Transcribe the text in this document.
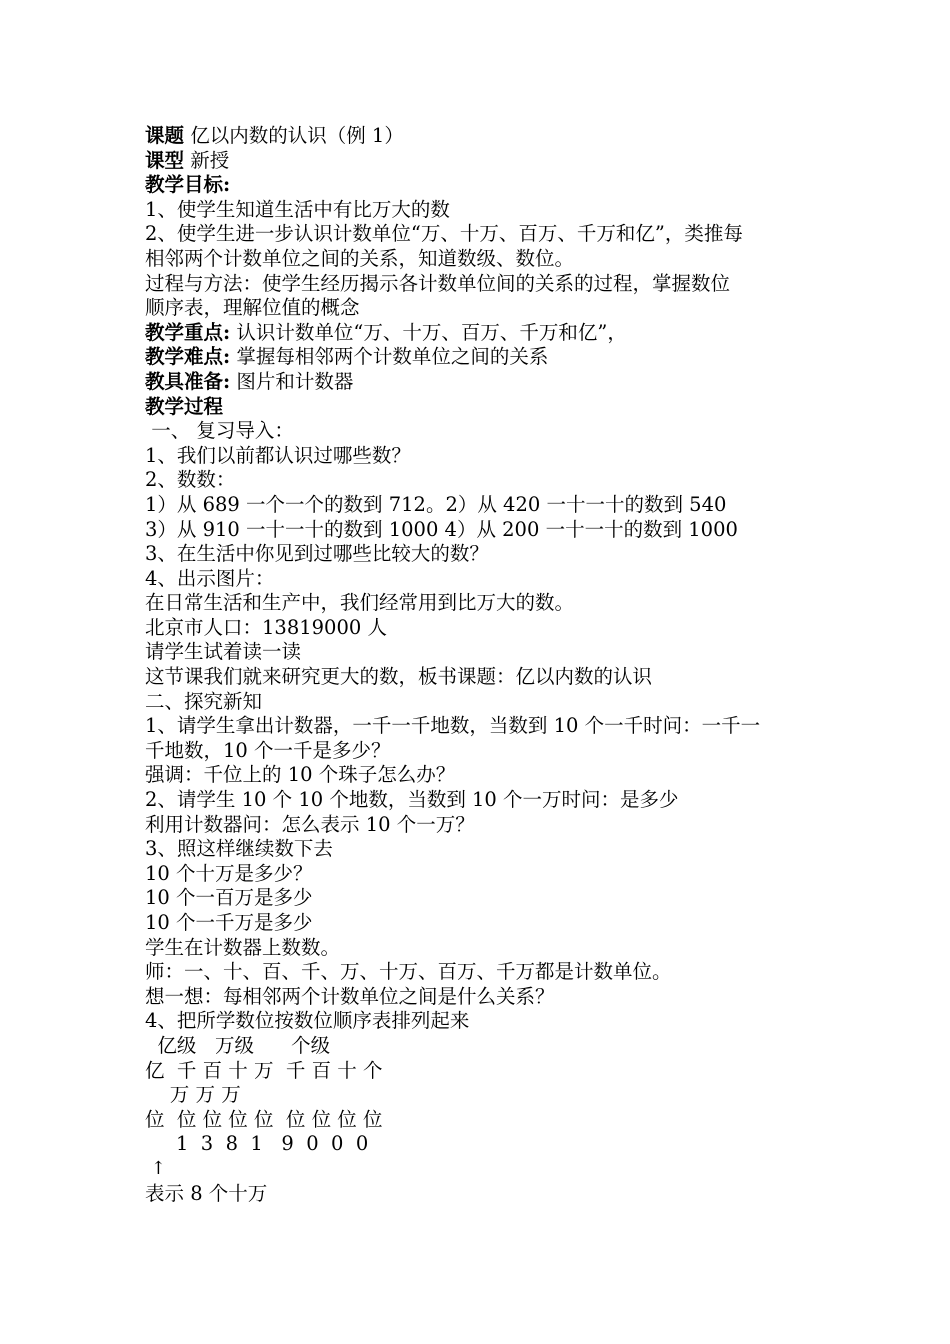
课题 亿以内数的认识（例 1）
课型 新授
教学目标:
1、使学生知道生活中有比万大的数
2、使学生进一步认识计数单位“万、十万、百万、千万和亿”，类推每
相邻两个计数单位之间的关系，知道数级、数位。
过程与方法：使学生经历揭示各计数单位间的关系的过程，掌握数位
顺序表，理解位值的概念
教学重点: 认识计数单位“万、十万、百万、千万和亿”，
教学难点: 掌握每相邻两个计数单位之间的关系
教具准备: 图片和计数器
教学过程
一、 复习导入：
1、我们以前都认识过哪些数？
2、数数：
1）从 689 一个一个的数到 712。2）从 420 一十一十的数到 540
3）从 910 一十一十的数到 1000 4）从 200 一十一十的数到 1000
3、在生活中你见到过哪些比较大的数？
4、出示图片：
在日常生活和生产中，我们经常用到比万大的数。
北京市人口：13819000 人
请学生试着读一读
这节课我们就来研究更大的数，板书课题：亿以内数的认识
二、探究新知
1、请学生拿出计数器，一千一千地数，当数到 10 个一千时问：一千一
千地数，10 个一千是多少？
强调：千位上的 10 个珠子怎么办？
2、请学生 10 个 10 个地数，当数到 10 个一万时问：是多少
利用计数器问：怎么表示 10 个一万？
3、照这样继续数下去
10 个十万是多少？
10 个一百万是多少
10 个一千万是多少
学生在计数器上数数。
师：一、十、百、千、万、十万、百万、千万都是计数单位。
想一想：每相邻两个计数单位之间是什么关系？
4、把所学数位按数位顺序表排列起来
亿级   万级      个级
亿  千 百 十 万  千 百 十 个
万 万 万
位  位 位 位 位  位 位 位 位
1  3  8  1   9  0  0  0
↑
表示 8 个十万
